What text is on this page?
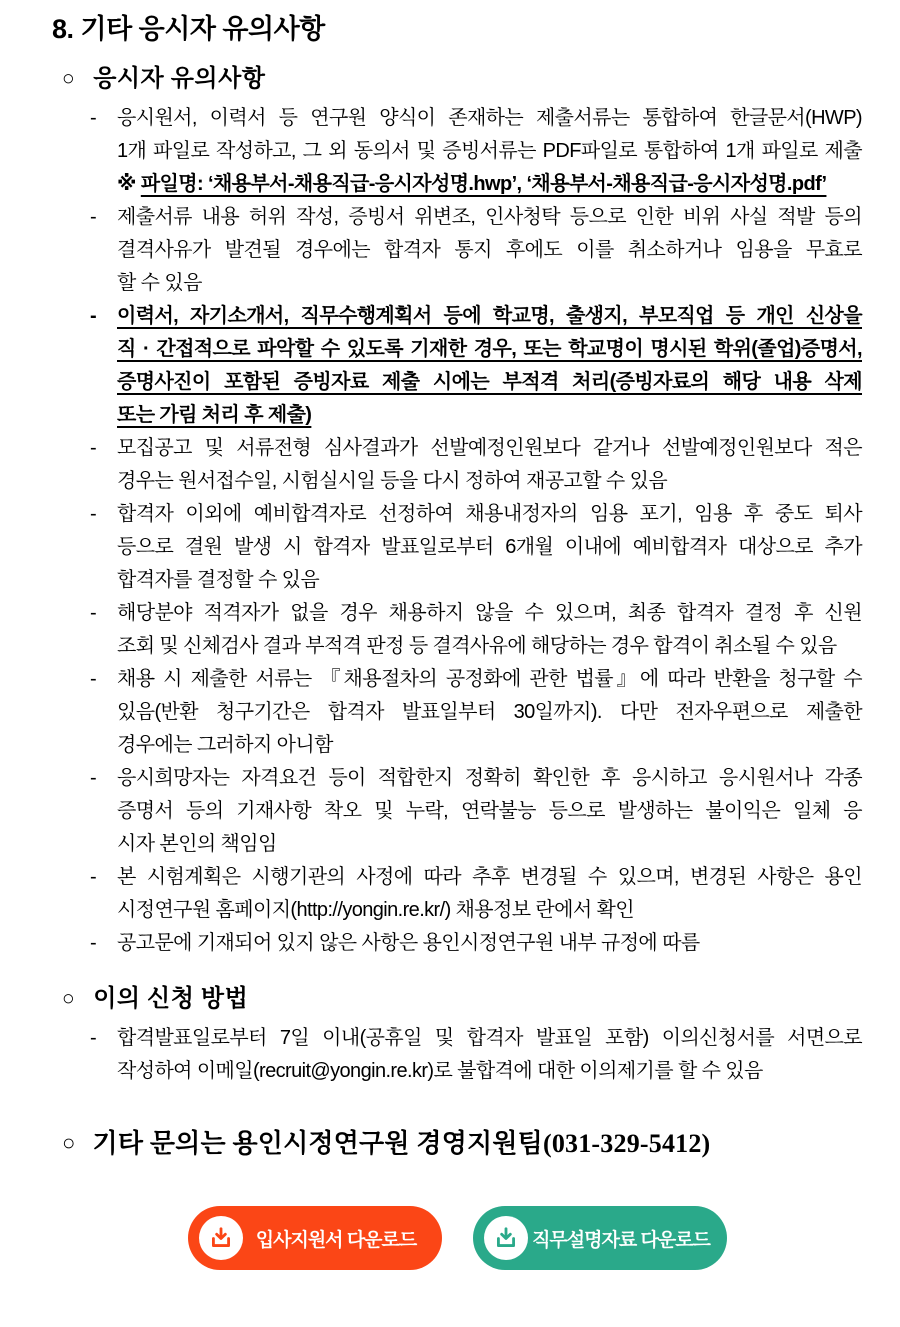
8. 기타 응시자 유의사항
○ 응시자 유의사항
-	응시원서, 이력서 등 연구원 양식이 존재하는 제출서류는 통합하여 한글문서(HWP)
1개 파일로 작성하고, 그 외 동의서 및 증빙서류는 PDF파일로 통합하여 1개 파일로 제출
※ 파일명: ‘채용부서-채용직급-응시자성명.hwp’, ‘채용부서-채용직급-응시자성명.pdf’
-	제출서류 내용 허위 작성, 증빙서 위변조, 인사청탁 등으로 인한 비위 사실 적발 등의
결격사유가 발견될 경우에는 합격자 통지 후에도 이를 취소하거나 임용을 무효로
할 수 있음
-	이력서, 자기소개서, 직무수행계획서 등에 학교명, 출생지, 부모직업 등 개인 신상을
직 · 간접적으로 파악할 수 있도록 기재한 경우, 또는 학교명이 명시된 학위(졸업)증명서,
증명사진이 포함된 증빙자료 제출 시에는 부적격 처리(증빙자료의 해당 내용 삭제
또는 가림 처리 후 제출)
-	모집공고 및 서류전형 심사결과가 선발예정인원보다 같거나 선발예정인원보다 적은
경우는 원서접수일, 시험실시일 등을 다시 정하여 재공고할 수 있음
-	합격자 이외에 예비합격자로 선정하여 채용내정자의 임용 포기, 임용 후 중도 퇴사
등으로 결원 발생 시 합격자 발표일로부터 6개월 이내에 예비합격자 대상으로 추가
합격자를 결정할 수 있음
-	해당분야 적격자가 없을 경우 채용하지 않을 수 있으며, 최종 합격자 결정 후 신원
조회 및 신체검사 결과 부적격 판정 등 결격사유에 해당하는 경우 합격이 취소될 수 있음
-	채용 시 제출한 서류는 『채용절차의 공정화에 관한 법률』에 따라 반환을 청구할 수
있음(반환 청구기간은 합격자 발표일부터 30일까지). 다만 전자우편으로 제출한
경우에는 그러하지 아니함
-	응시희망자는 자격요건 등이 적합한지 정확히 확인한 후 응시하고 응시원서나 각종
증명서 등의 기재사항 착오 및 누락, 연락불능 등으로 발생하는 불이익은 일체 응
시자 본인의 책임임
-	본 시험계획은 시행기관의 사정에 따라 추후 변경될 수 있으며, 변경된 사항은 용인
시정연구원 홈페이지(http://yongin.re.kr/) 채용정보 란에서 확인
-	공고문에 기재되어 있지 않은 사항은 용인시정연구원 내부 규정에 따름
○ 이의 신청 방법
-	합격발표일로부터 7일 이내(공휴일 및 합격자 발표일 포함) 이의신청서를 서면으로
작성하여 이메일(recruit@yongin.re.kr)로 불합격에 대한 이의제기를 할 수 있음
○ 기타 문의는 용인시정연구원 경영지원팀(031-329-5412)
입사지원서 다운로드	직무설명자료 다운로드
